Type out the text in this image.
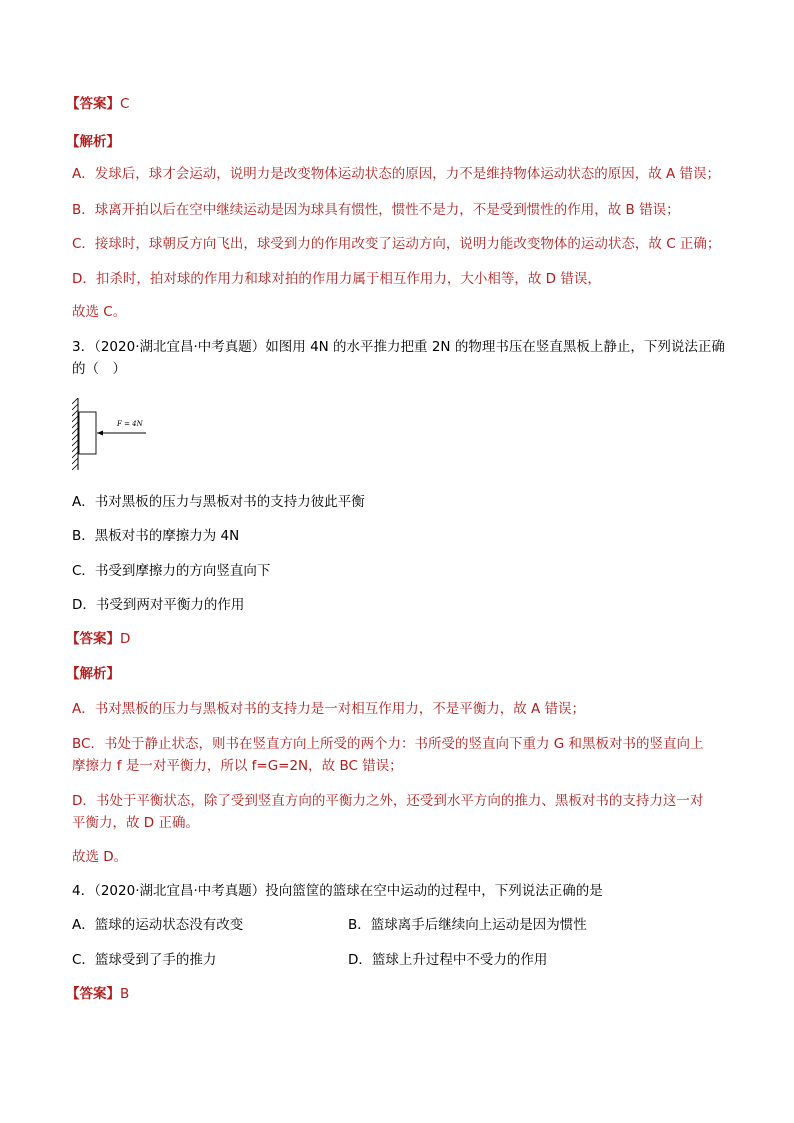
【答案】C
【解析】
A．发球后，球才会运动，说明力是改变物体运动状态的原因，力不是维持物体运动状态的原因，故 A 错误；
B．球离开拍以后在空中继续运动是因为球具有惯性，惯性不是力，不是受到惯性的作用，故 B 错误；
C．接球时，球朝反方向飞出，球受到力的作用改变了运动方向，说明力能改变物体的运动状态，故 C 正确；
D．扣杀时，拍对球的作用力和球对拍的作用力属于相互作用力，大小相等，故 D 错误，
故选 C。
3．（2020·湖北宜昌·中考真题）如图用 4N 的水平推力把重 2N 的物理书压在竖直黑板上静止，下列说法正确
的（　）
F = 4N
A．书对黑板的压力与黑板对书的支持力彼此平衡
B．黑板对书的摩擦力为 4N
C．书受到摩擦力的方向竖直向下
D．书受到两对平衡力的作用
【答案】D
【解析】
A．书对黑板的压力与黑板对书的支持力是一对相互作用力，不是平衡力，故 A 错误；
BC．书处于静止状态，则书在竖直方向上所受的两个力：书所受的竖直向下重力 G 和黑板对书的竖直向上
摩擦力 f 是一对平衡力，所以 f=G=2N，故 BC 错误；
D．书处于平衡状态，除了受到竖直方向的平衡力之外，还受到水平方向的推力、黑板对书的支持力这一对
平衡力，故 D 正确。
故选 D。
4．（2020·湖北宜昌·中考真题）投向篮筐的篮球在空中运动的过程中，下列说法正确的是
A．篮球的运动状态没有改变	B．篮球离手后继续向上运动是因为惯性
C．篮球受到了手的推力	D．篮球上升过程中不受力的作用
【答案】B
